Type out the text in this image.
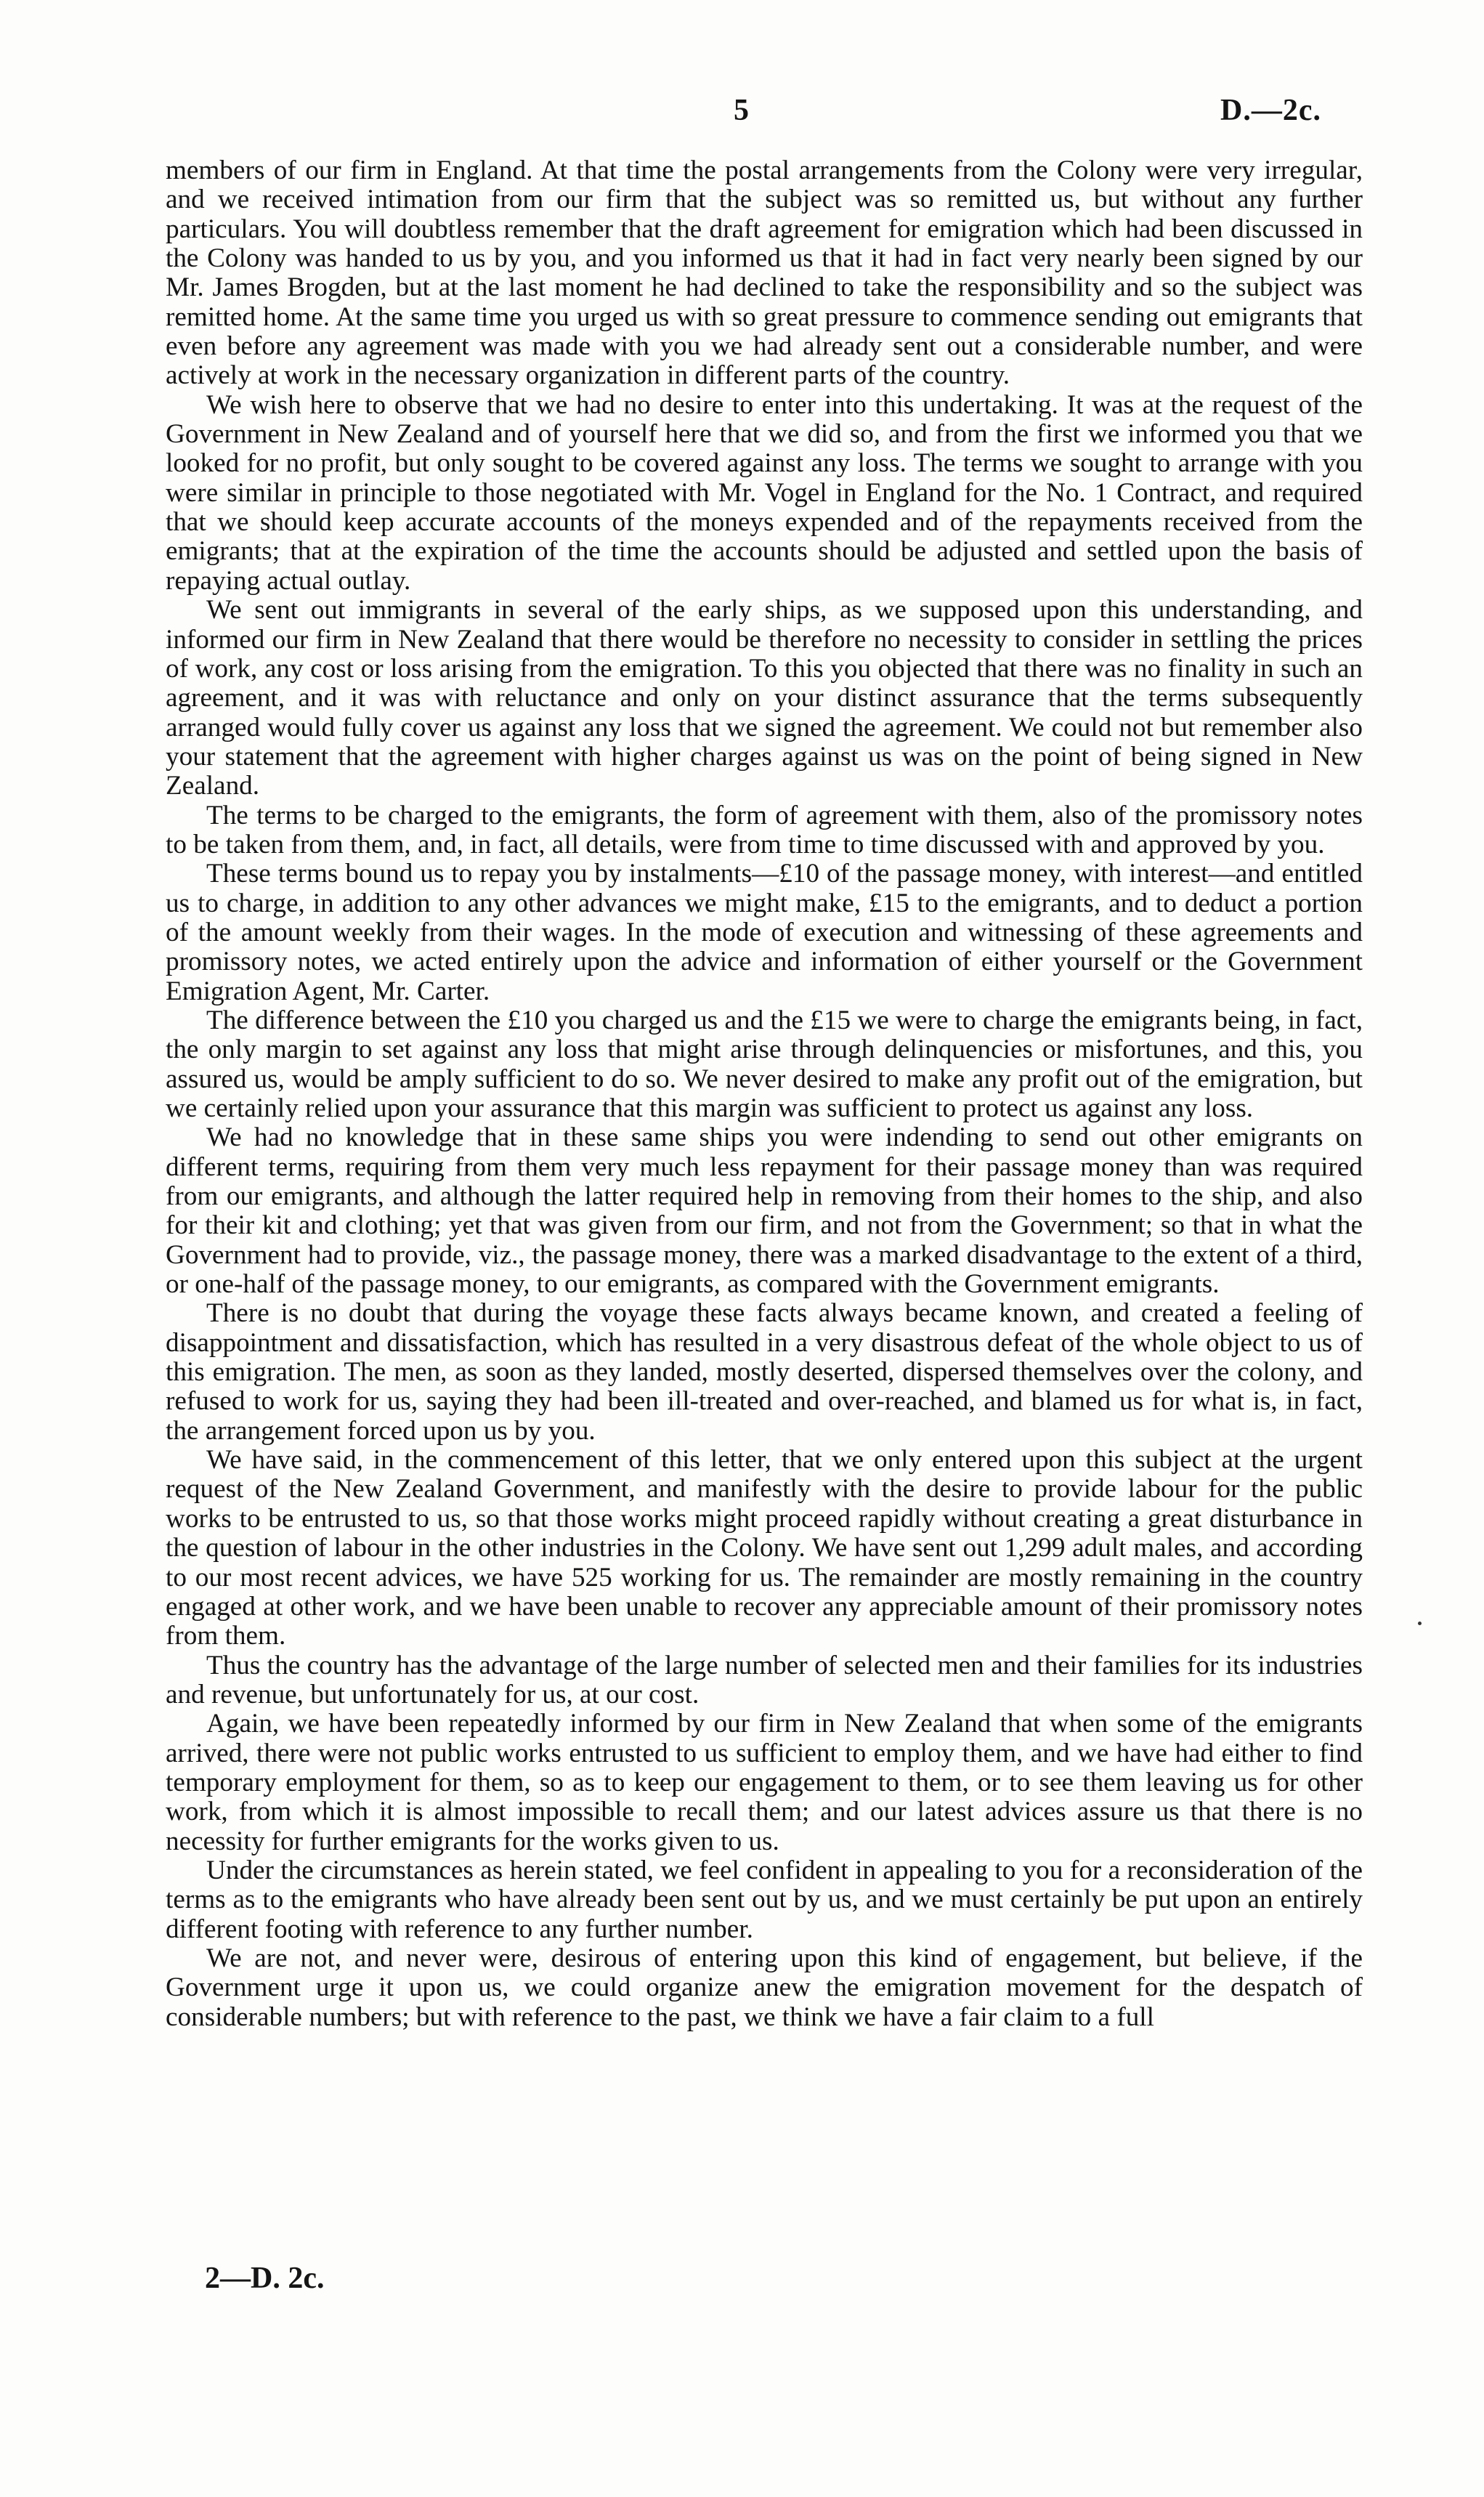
5	D.—2c.

members of our firm in England. At that time the postal arrangements from the Colony were very irregular, and we received intimation from our firm that the subject was so remitted us, but without any further particulars. You will doubtless remember that the draft agreement for emigration which had been discussed in the Colony was handed to us by you, and you informed us that it had in fact very nearly been signed by our Mr. James Brogden, but at the last moment he had declined to take the responsibility and so the subject was remitted home. At the same time you urged us with so great pressure to commence sending out emigrants that even before any agreement was made with you we had already sent out a considerable number, and were actively at work in the necessary organization in different parts of the country.

We wish here to observe that we had no desire to enter into this undertaking. It was at the request of the Government in New Zealand and of yourself here that we did so, and from the first we informed you that we looked for no profit, but only sought to be covered against any loss. The terms we sought to arrange with you were similar in principle to those negotiated with Mr. Vogel in England for the No. 1 Contract, and required that we should keep accurate accounts of the moneys expended and of the repayments received from the emigrants; that at the expiration of the time the accounts should be adjusted and settled upon the basis of repaying actual outlay.

We sent out immigrants in several of the early ships, as we supposed upon this understanding, and informed our firm in New Zealand that there would be therefore no necessity to consider in settling the prices of work, any cost or loss arising from the emigration. To this you objected that there was no finality in such an agreement, and it was with reluctance and only on your distinct assurance that the terms subsequently arranged would fully cover us against any loss that we signed the agreement. We could not but remember also your statement that the agreement with higher charges against us was on the point of being signed in New Zealand.

The terms to be charged to the emigrants, the form of agreement with them, also of the promissory notes to be taken from them, and, in fact, all details, were from time to time discussed with and approved by you.

These terms bound us to repay you by instalments—£10 of the passage money, with interest—and entitled us to charge, in addition to any other advances we might make, £15 to the emigrants, and to deduct a portion of the amount weekly from their wages. In the mode of execution and witnessing of these agreements and promissory notes, we acted entirely upon the advice and information of either yourself or the Government Emigration Agent, Mr. Carter.

The difference between the £10 you charged us and the £15 we were to charge the emigrants being, in fact, the only margin to set against any loss that might arise through delinquencies or misfortunes, and this, you assured us, would be amply sufficient to do so. We never desired to make any profit out of the emigration, but we certainly relied upon your assurance that this margin was sufficient to protect us against any loss.

We had no knowledge that in these same ships you were indending to send out other emigrants on different terms, requiring from them very much less repayment for their passage money than was required from our emigrants, and although the latter required help in removing from their homes to the ship, and also for their kit and clothing; yet that was given from our firm, and not from the Government; so that in what the Government had to provide, viz., the passage money, there was a marked disadvantage to the extent of a third, or one-half of the passage money, to our emigrants, as compared with the Government emigrants.

There is no doubt that during the voyage these facts always became known, and created a feeling of disappointment and dissatisfaction, which has resulted in a very disastrous defeat of the whole object to us of this emigration. The men, as soon as they landed, mostly deserted, dispersed themselves over the colony, and refused to work for us, saying they had been ill-treated and over-reached, and blamed us for what is, in fact, the arrangement forced upon us by you.

We have said, in the commencement of this letter, that we only entered upon this subject at the urgent request of the New Zealand Government, and manifestly with the desire to provide labour for the public works to be entrusted to us, so that those works might proceed rapidly without creating a great disturbance in the question of labour in the other industries in the Colony. We have sent out 1,299 adult males, and according to our most recent advices, we have 525 working for us. The remainder are mostly remaining in the country engaged at other work, and we have been unable to recover any appreciable amount of their promissory notes from them.

Thus the country has the advantage of the large number of selected men and their families for its industries and revenue, but unfortunately for us, at our cost.

Again, we have been repeatedly informed by our firm in New Zealand that when some of the emigrants arrived, there were not public works entrusted to us sufficient to employ them, and we have had either to find temporary employment for them, so as to keep our engagement to them, or to see them leaving us for other work, from which it is almost impossible to recall them; and our latest advices assure us that there is no necessity for further emigrants for the works given to us.

Under the circumstances as herein stated, we feel confident in appealing to you for a reconsideration of the terms as to the emigrants who have already been sent out by us, and we must certainly be put upon an entirely different footing with reference to any further number.

We are not, and never were, desirous of entering upon this kind of engagement, but believe, if the Government urge it upon us, we could organize anew the emigration movement for the despatch of considerable numbers; but with reference to the past, we think we have a fair claim to a full

2—D. 2c.
